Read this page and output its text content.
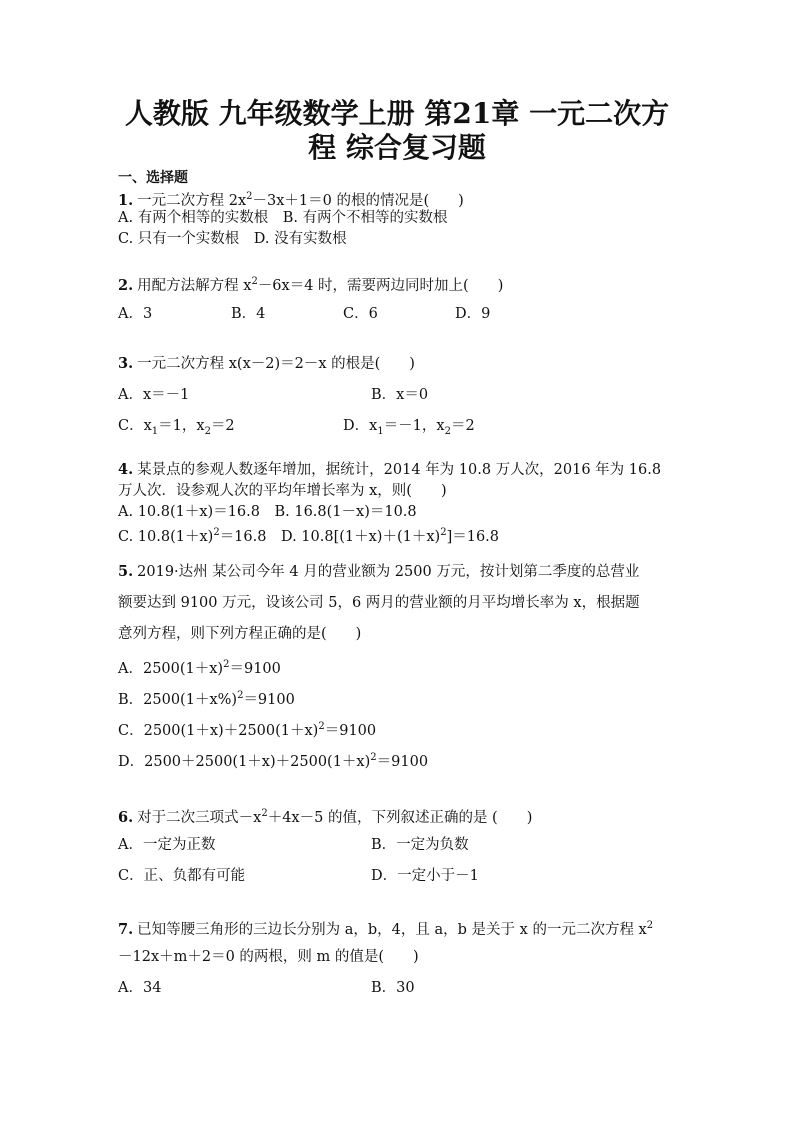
人教版 九年级数学上册 第21章 一元二次方
程 综合复习题
一、选择题
1. 一元二次方程 $2x^2-3x+1=0$ 的根的情况是(　　)
A. 有两个相等的实数根　B. 有两个不相等的实数根
C. 只有一个实数根　D. 没有实数根
2. 用配方法解方程 $x^2-6x=4$ 时，需要两边同时加上(　　)
A．3	B．4	C．6	D．9
3. 一元二次方程 x(x－2)＝2－x 的根是(　　)
A．x＝－1	B．x＝0
C．$x_1=1$，$x_2=2$	D．$x_1=-1$，$x_2=2$
4. 某景点的参观人数逐年增加，据统计，2014 年为 10.8 万人次，2016 年为 16.8
万人次．设参观人次的平均年增长率为 x，则(　　)
A. 10.8(1＋x)＝16.8　B. 16.8(1－x)＝10.8
C. $10.8(1+x)^2=16.8$　D. $10.8[(1+x)+(1+x)^2]=16.8$
5. 2019·达州 某公司今年 4 月的营业额为 2500 万元，按计划第二季度的总营业
额要达到 9100 万元，设该公司 5，6 两月的营业额的月平均增长率为 x，根据题
意列方程，则下列方程正确的是(　　)
A．$2500(1+x)^2=9100$
B．$2500(1+x\%)^2=9100$
C．$2500(1+x)+2500(1+x)^2=9100$
D．$2500+2500(1+x)+2500(1+x)^2=9100$
6. 对于二次三项式$-x^2+4x-5$ 的值，下列叙述正确的是 (　　)
A．一定为正数	B．一定为负数
C．正、负都有可能	D．一定小于－1
7. 已知等腰三角形的三边长分别为 a，b，4，且 a，b 是关于 x 的一元二次方程 $x^2$
－12x＋m＋2＝0 的两根，则 m 的值是(　　)
A．34	B．30
